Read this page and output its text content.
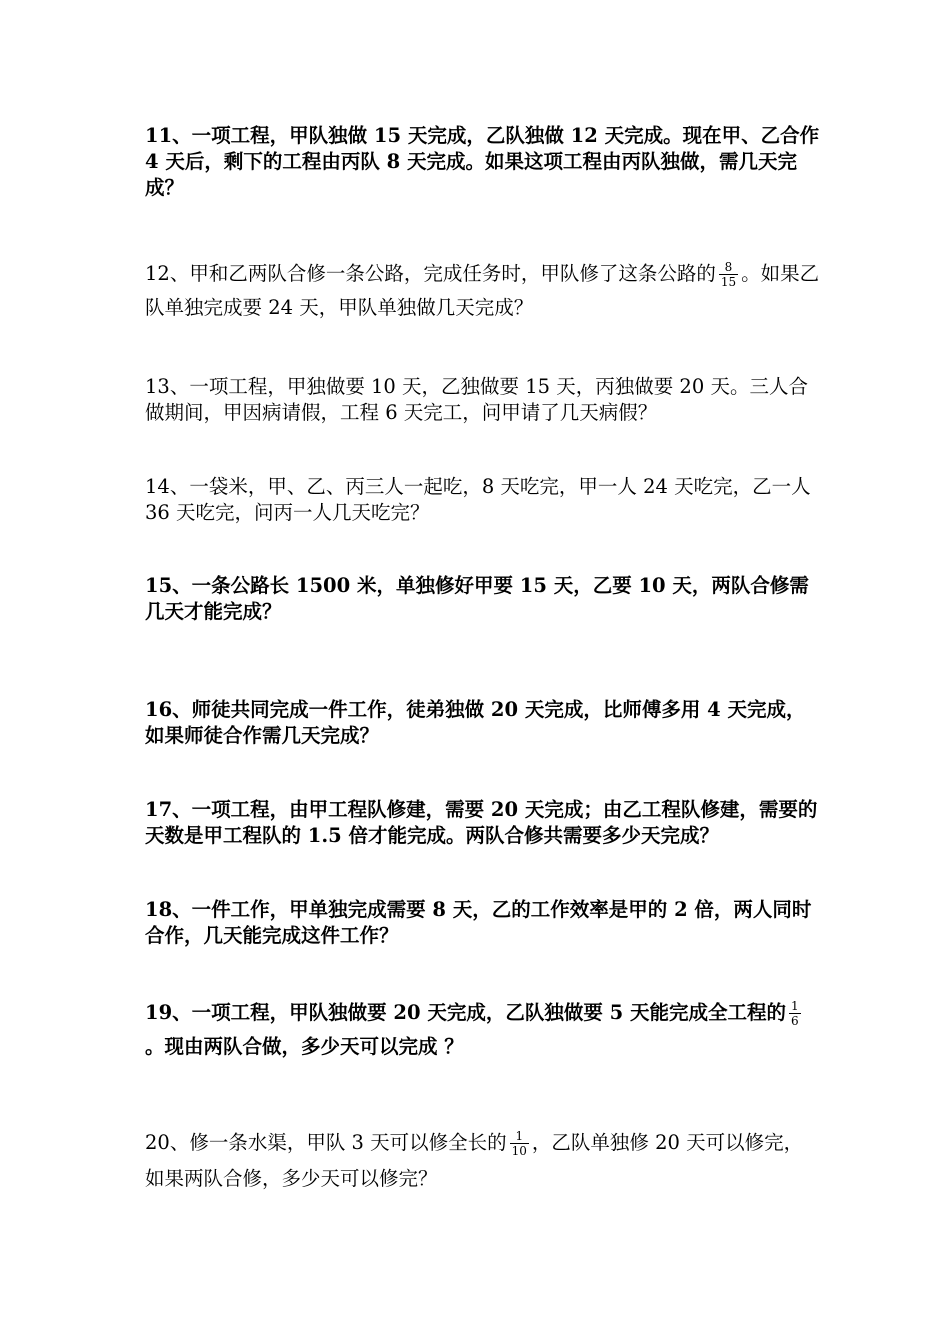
11、一项工程，甲队独做 15 天完成，乙队独做 12 天完成。现在甲、乙合作 4 天后，剩下的工程由丙队 8 天完成。如果这项工程由丙队独做，需几天完成？

12、甲和乙两队合修一条公路，完成任务时，甲队修了这条公路的 $\frac{8}{15}$ 。如果乙队单独完成要 24 天，甲队单独做几天完成？

13、一项工程，甲独做要 10 天，乙独做要 15 天，丙独做要 20 天。三人合做期间，甲因病请假，工程 6 天完工，问甲请了几天病假？

14、一袋米，甲、乙、丙三人一起吃，8 天吃完，甲一人 24 天吃完，乙一人 36 天吃完，问丙一人几天吃完？

15、一条公路长 1500 米，单独修好甲要 15 天，乙要 10 天，两队合修需几天才能完成？

16、师徒共同完成一件工作，徒弟独做 20 天完成，比师傅多用 4 天完成，如果师徒合作需几天完成？

17、一项工程，由甲工程队修建，需要 20 天完成；由乙工程队修建，需要的天数是甲工程队的 1.5 倍才能完成。两队合修共需要多少天完成？

18、一件工作，甲单独完成需要 8 天，乙的工作效率是甲的 2 倍，两人同时合作，几天能完成这件工作？

19、一项工程，甲队独做要 20 天完成，乙队独做要 5 天能完成全工程的 $\frac{1}{6}$
。现由两队合做，多少天可以完成 ？

20、修一条水渠，甲队 3 天可以修全长的 $\frac{1}{10}$ ，乙队单独修 20 天可以修完，如果两队合修，多少天可以修完？
